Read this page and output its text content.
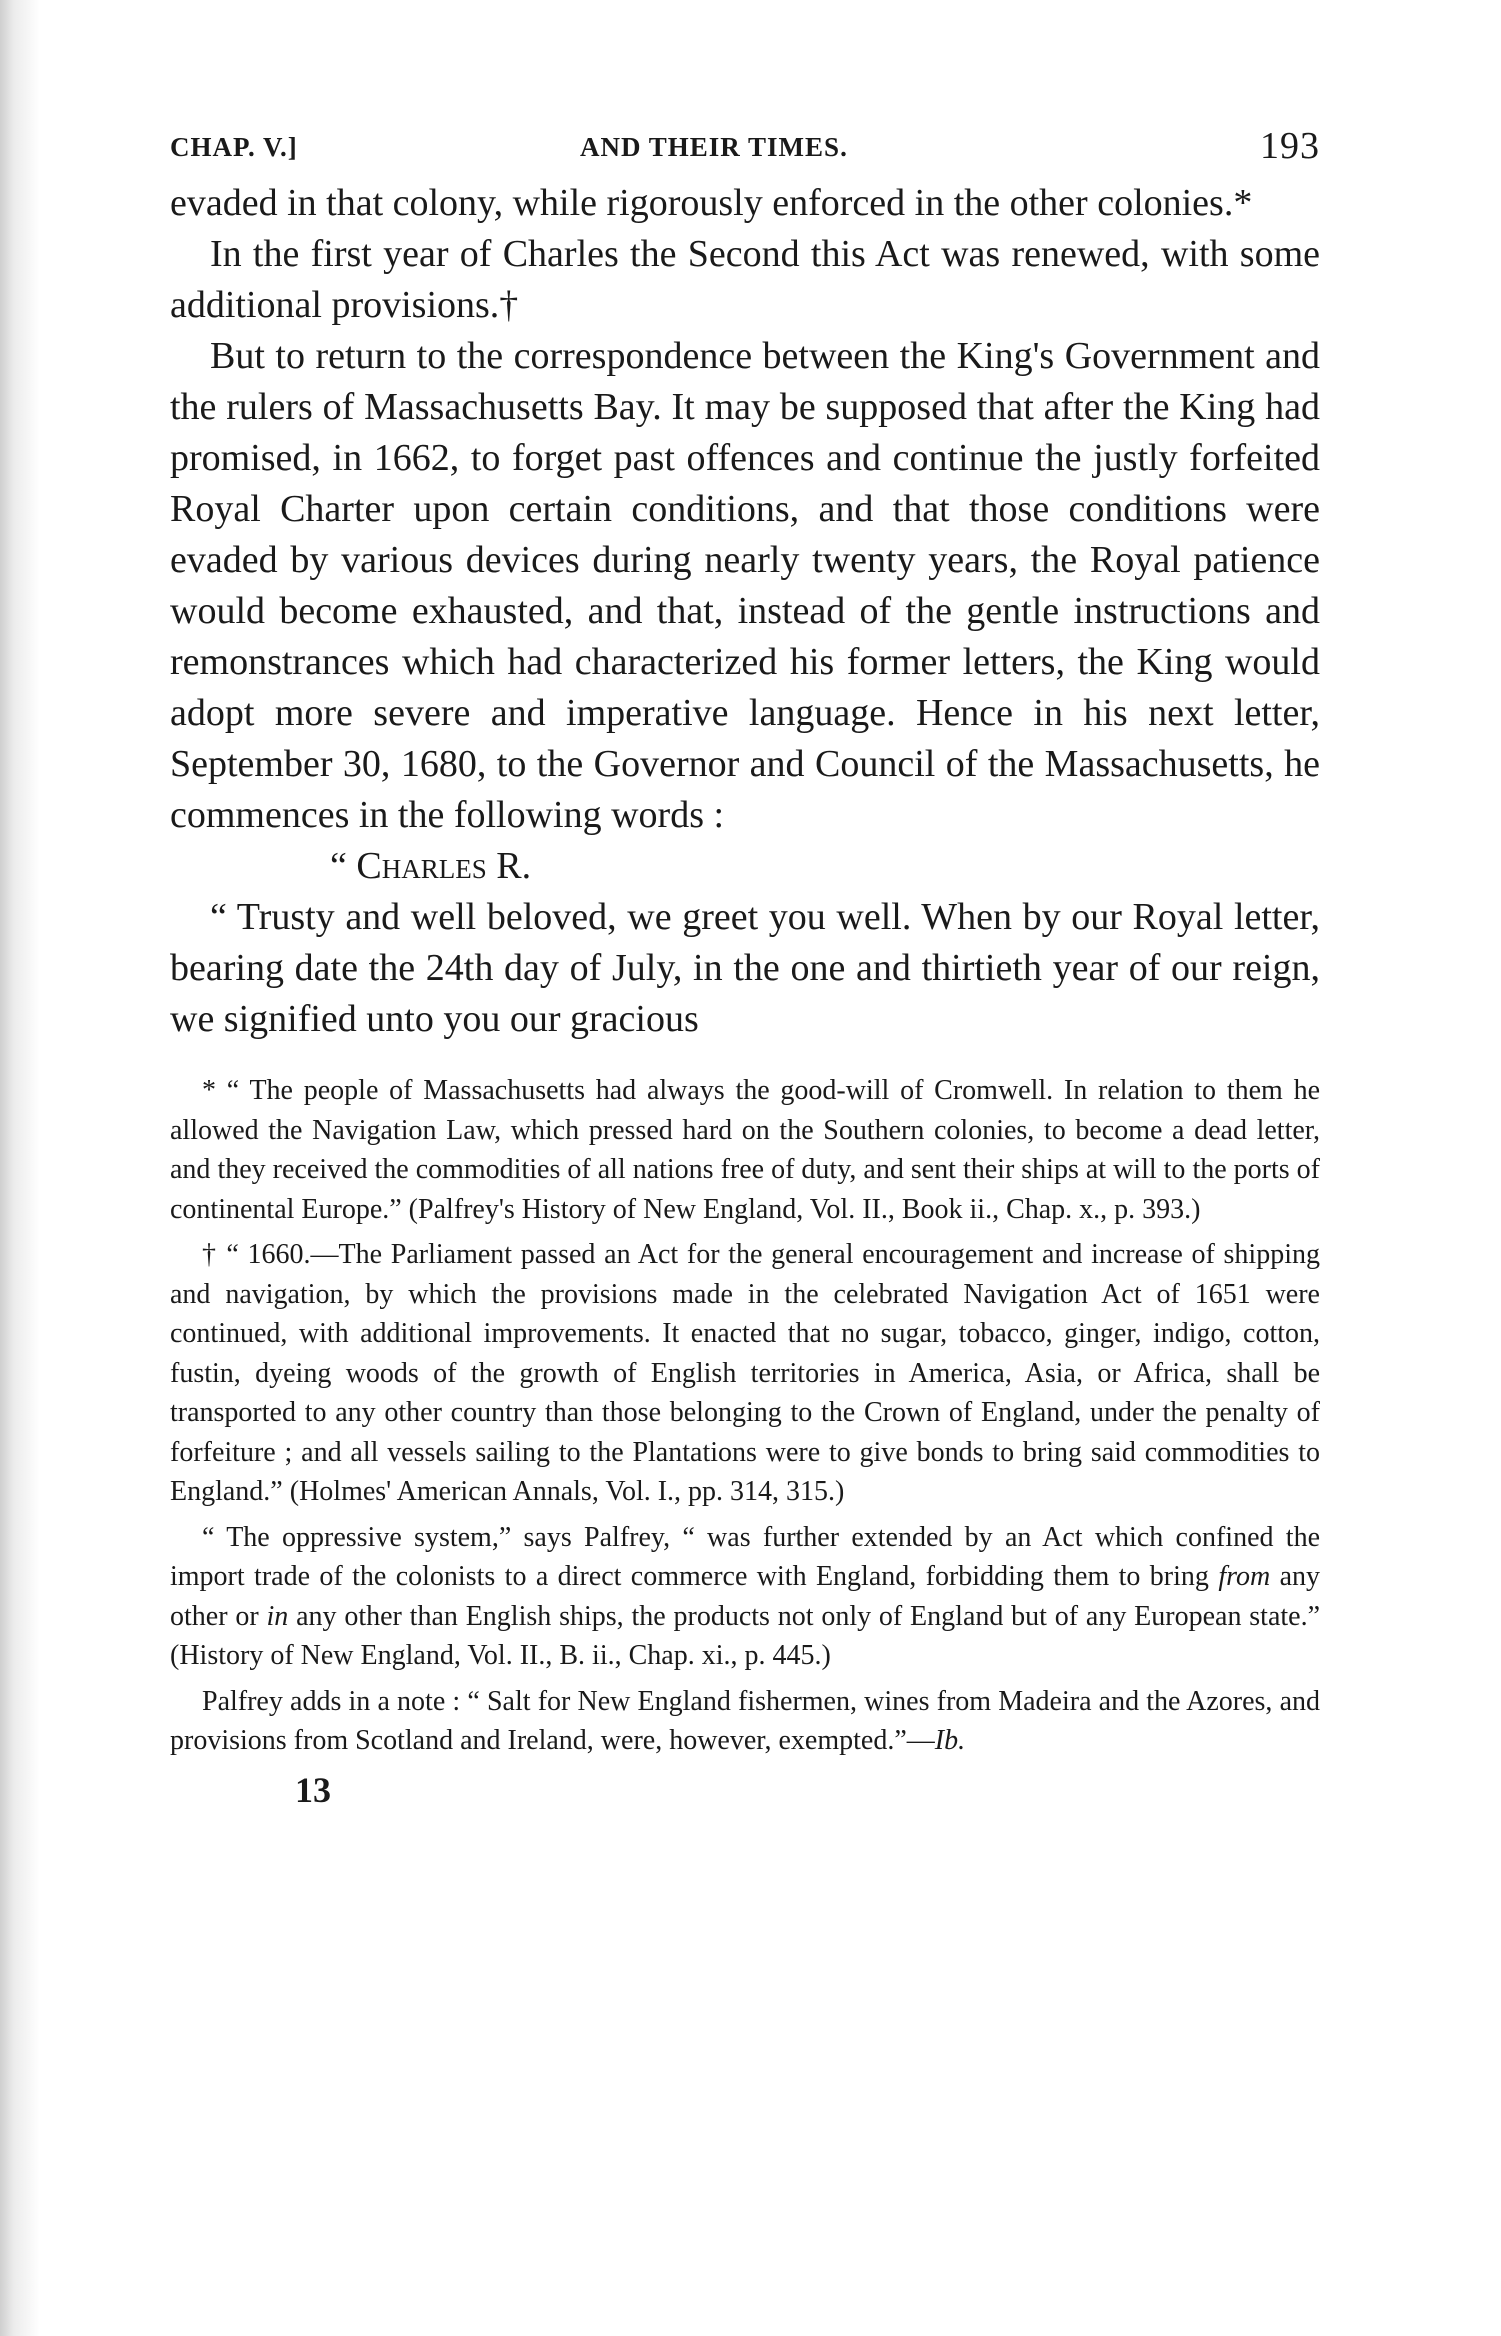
CHAP. V.]	AND THEIR TIMES.	193

evaded in that colony, while rigorously enforced in the other colonies.*

In the first year of Charles the Second this Act was renewed, with some additional provisions.†

But to return to the correspondence between the King's Government and the rulers of Massachusetts Bay. It may be supposed that after the King had promised, in 1662, to forget past offences and continue the justly forfeited Royal Charter upon certain conditions, and that those conditions were evaded by various devices during nearly twenty years, the Royal patience would become exhausted, and that, instead of the gentle instructions and remonstrances which had characterized his former letters, the King would adopt more severe and imperative language. Hence in his next letter, September 30, 1680, to the Governor and Council of the Massachusetts, he commences in the following words :

“ Charles R.

“ Trusty and well beloved, we greet you well. When by our Royal letter, bearing date the 24th day of July, in the one and thirtieth year of our reign, we signified unto you our gracious

* “ The people of Massachusetts had always the good-will of Cromwell. In relation to them he allowed the Navigation Law, which pressed hard on the Southern colonies, to become a dead letter, and they received the commodities of all nations free of duty, and sent their ships at will to the ports of continental Europe.” (Palfrey's History of New England, Vol. II., Book ii., Chap. x., p. 393.)

† “ 1660.—The Parliament passed an Act for the general encouragement and increase of shipping and navigation, by which the provisions made in the celebrated Navigation Act of 1651 were continued, with additional improvements. It enacted that no sugar, tobacco, ginger, indigo, cotton, fustin, dyeing woods of the growth of English territories in America, Asia, or Africa, shall be transported to any other country than those belonging to the Crown of England, under the penalty of forfeiture ; and all vessels sailing to the Plantations were to give bonds to bring said commodities to England.” (Holmes' American Annals, Vol. I., pp. 314, 315.)

“ The oppressive system,” says Palfrey, “ was further extended by an Act which confined the import trade of the colonists to a direct commerce with England, forbidding them to bring from any other or in any other than English ships, the products not only of England but of any European state.” (History of New England, Vol. II., B. ii., Chap. xi., p. 445.)

Palfrey adds in a note : “ Salt for New England fishermen, wines from Madeira and the Azores, and provisions from Scotland and Ireland, were, however, exempted.”—Ib.

13
